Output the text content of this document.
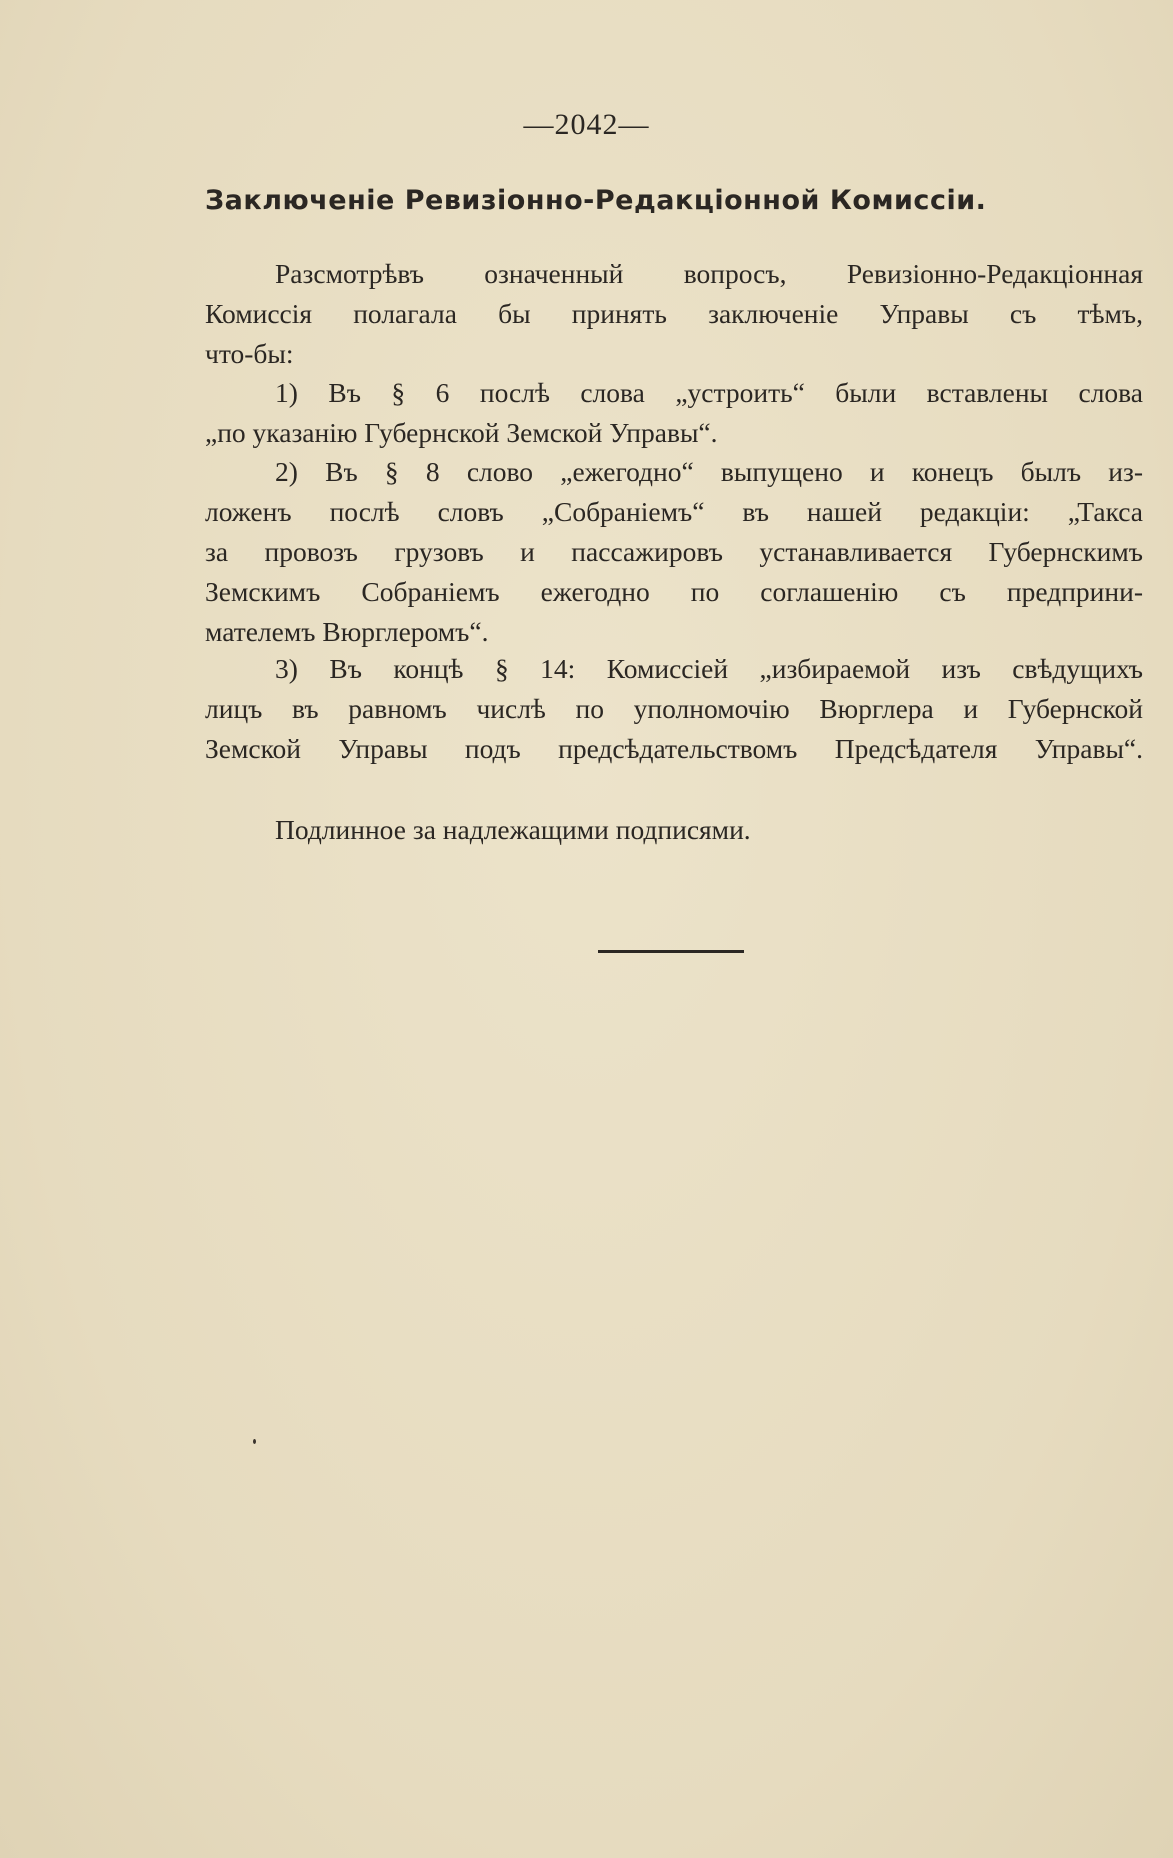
—2042—
Заключеніе Ревизіонно-Редакціонной Комиссіи.
Разсмотрѣвъ означенный вопросъ, Ревизіонно-Редакціонная
Комиссія полагала бы принять заключеніе Управы съ тѣмъ,
что-бы:
1) Въ § 6 послѣ слова „устроить“ были вставлены слова
„по указанію Губернской Земской Управы“.
2) Въ § 8 слово „ежегодно“ выпущено и конецъ былъ из-
ложенъ послѣ словъ „Собраніемъ“ въ нашей редакціи: „Такса
за провозъ грузовъ и пассажировъ устанавливается Губернскимъ
Земскимъ Собраніемъ ежегодно по соглашенію съ предприни-
мателемъ Вюрглеромъ“.
3) Въ концѣ § 14: Комиссіей „избираемой изъ свѣдущихъ
лицъ въ равномъ числѣ по уполномочію Вюрглера и Губернской
Земской Управы подъ предсѣдательствомъ Предсѣдателя Управы“.

Подлинное за надлежащими подписями.
